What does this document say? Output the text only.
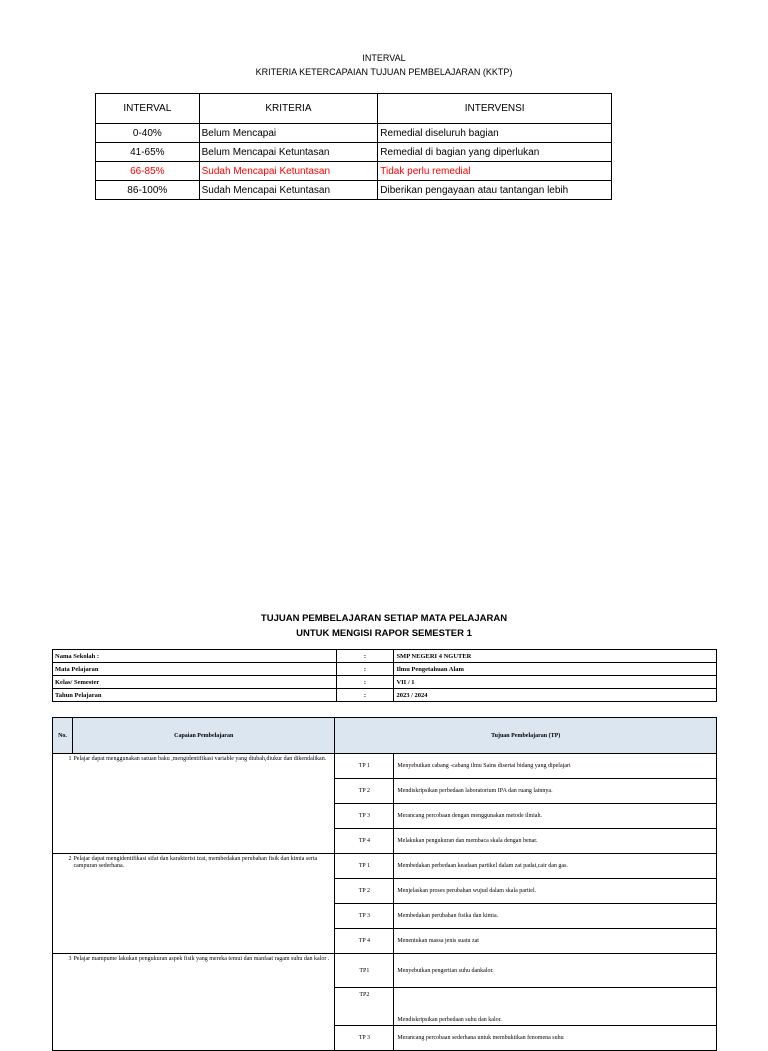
INTERVAL
KRITERIA KETERCAPAIAN TUJUAN PEMBELAJARAN (KKTP)
INTERVAL	KRITERIA	INTERVENSI
0-40%	Belum Mencapai	Remedial diseluruh bagian
41-65%	Belum Mencapai Ketuntasan	Remedial di bagian yang diperlukan
66-85%	Sudah Mencapai Ketuntasan	Tidak perlu remedial
86-100%	Sudah Mencapai Ketuntasan	Diberikan pengayaan atau tantangan lebih
TUJUAN PEMBELAJARAN SETIAP MATA PELAJARAN
UNTUK MENGISI RAPOR SEMESTER 1
Nama Sekolah :	:	SMP NEGERI 4 NGUTER
Mata Pelajaran	:	Ilmu Pengetahuan Alam
Kelas/ Semester	:	VII / 1
Tahun Pelajaran	:	2023 / 2024
No.	Capaian Pembelajaran	Tujuan Pembelajaran (TP)	
1	Pelajar dapat menggunakan satuan baku ,mengidentifikasi variable yang diubah,diukur dan dikendalikan.	TP 1	Menyebutkan cabang -cabang ilmu Sains disertai bidang yang dipelajari
		TP 2	Mendiskripsikan perbedaan laboratorium IPA dan ruang lainnya.
		TP 3	Merancang percobaan dengan menggunakan metode ilmiah.
		TP 4	Melakukan pengukuran dan membaca skala dengan benar.
2	Pelajar dapat mengidentifikasi sifat dan karakterist izat, membedakan perubahan fisik dan kimia serta campuran sederhana.	TP 1	Membedakan perbedaan keadaan partikel dalam zat padat,cair dan gas.
		TP 2	Menjelaskan proses perubahan wujud dalam skala partiel.
		TP 3	Membedakan perubahan fisika dan kimia.
		TP 4	Menentukan massa jenis suatu zat
3	Pelajar mampume lakukan pengukuran aspek fisik yang mereka temui dan manfaat ragam suhu dan kalor .	TP1	Menyebutkan pengertian suhu dankalor.
		TP2	Mendiskripsikan perbedaan suhu dan kalor.
		TP 3	Merancang percobaan sederhana untuk membuktikan fenomena suhu
